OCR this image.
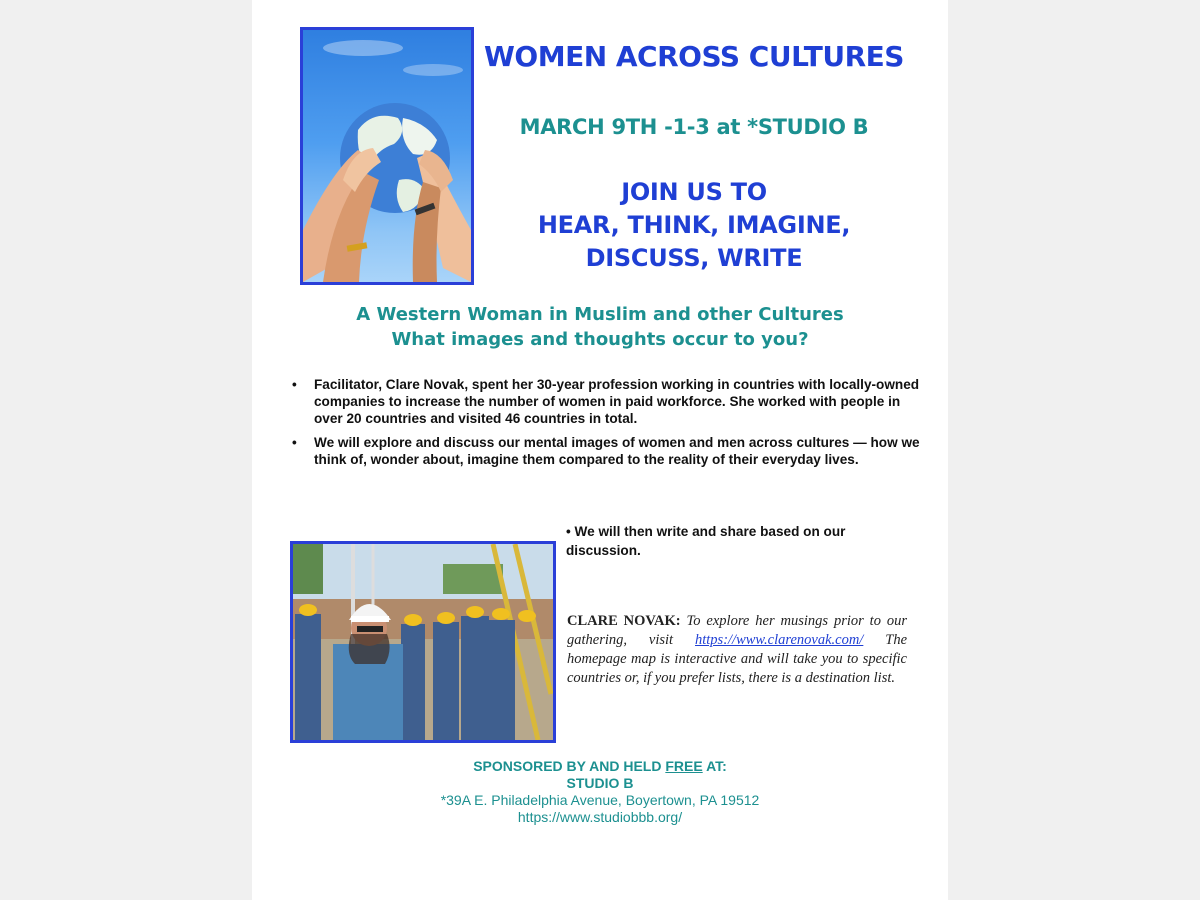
WOMEN ACROSS CULTURES
MARCH 9TH -1-3 at *STUDIO B
JOIN US TO
HEAR, THINK, IMAGINE,
DISCUSS, WRITE
A Western Woman in Muslim and other Cultures
What images and thoughts occur to you?
• Facilitator, Clare Novak, spent her 30-year profession working in countries with locally-owned companies to increase the number of women in paid workforce. She worked with people in over 20 countries and visited 46 countries in total.
• We will explore and discuss our mental images of women and men across cultures — how we think of, wonder about, imagine them compared to the reality of their everyday lives.
• We will then write and share based on our discussion.
CLARE NOVAK: To explore her musings prior to our gathering, visit https://www.clarenovak.com/ The homepage map is interactive and will take you to specific countries or, if you prefer lists, there is a destination list.
SPONSORED BY AND HELD FREE AT:
STUDIO B
*39A E. Philadelphia Avenue, Boyertown, PA 19512
https://www.studiobbb.org/
